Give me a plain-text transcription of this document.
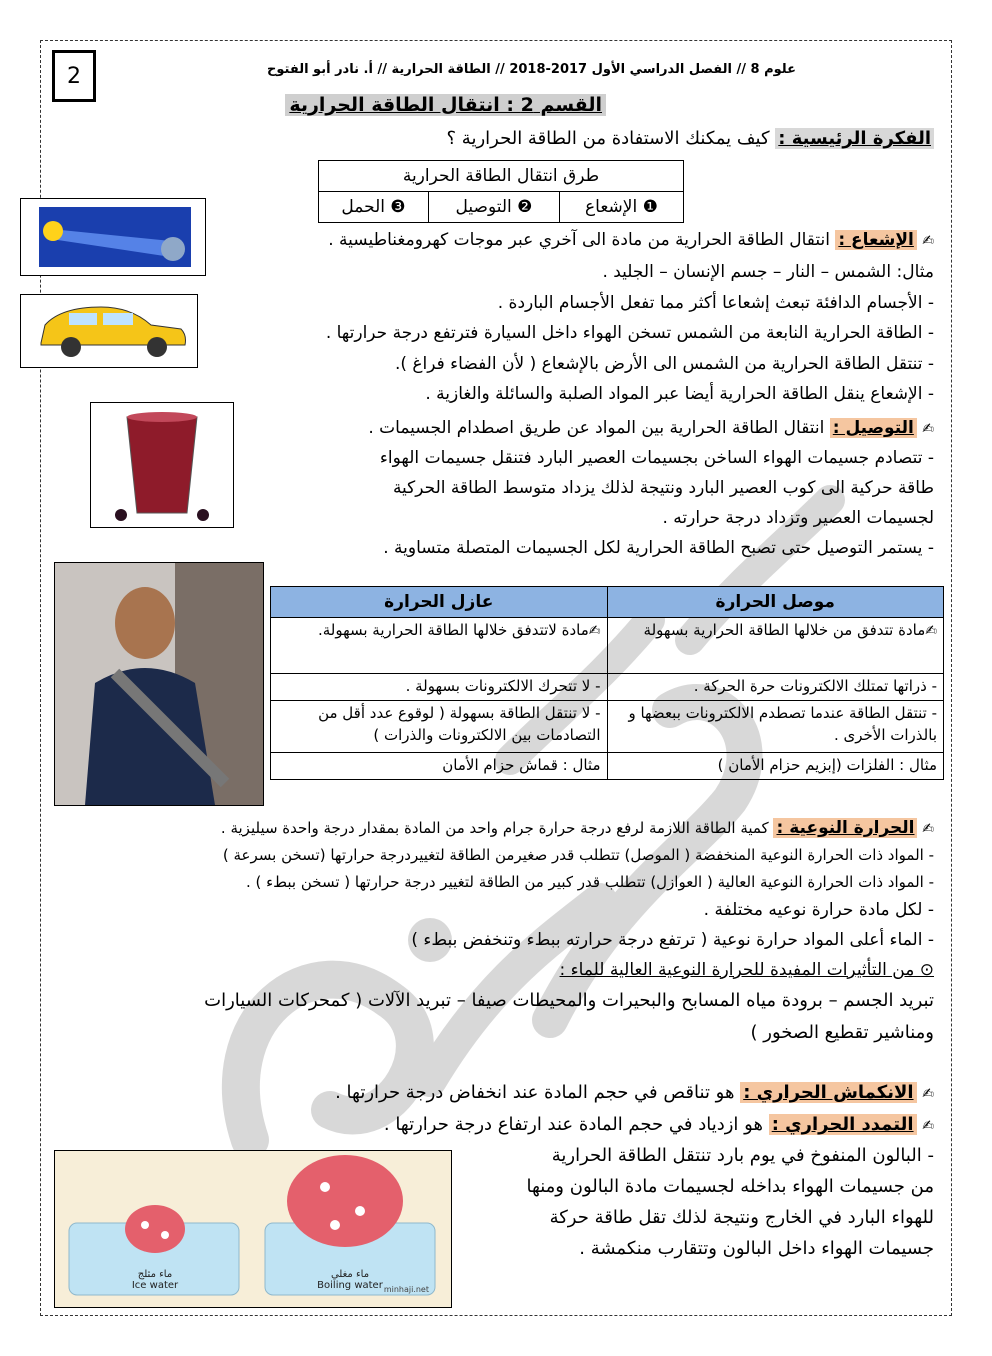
2	علوم 8 // الفصل الدراسي الأول 2017-2018 // الطاقة الحرارية // أ. نادر أبو الفتوح
القسم 2 : انتقال الطاقة الحرارية
الفكرة الرئيسية : كيف يمكنك الاستفادة من الطاقة الحرارية ؟
طرق انتقال الطاقة الحرارية
❶ الإشعاع	❷ التوصيل	❸ الحمل
✍ الإشعاع : انتقال الطاقة الحرارية من مادة الى آخري عبر موجات كهرومغناطيسية .
مثال: الشمس – النار – جسم الإنسان – الجليد .
- الأجسام الدافئة تبعث إشعاعا أكثر مما تفعل الأجسام الباردة .
- الطاقة الحرارية النابعة من الشمس تسخن الهواء داخل السيارة فترتفع درجة حرارتها .
- تنتقل الطاقة الحرارية من الشمس الى الأرض بالإشعاع ( لأن الفضاء فراغ ).
- الإشعاع ينقل الطاقة الحرارية أيضا عبر المواد الصلبة والسائلة والغازية .
✍ التوصيل : انتقال الطاقة الحرارية بين المواد عن طريق اصطدام الجسيمات .
- تتصادم جسيمات الهواء الساخن بجسيمات العصير البارد فتنقل جسيمات الهواء
طاقة حركية الى كوب العصير البارد ونتيجة لذلك يزداد متوسط الطاقة الحركية
لجسيمات العصير وتزداد درجة حرارته .
- يستمر التوصيل حتى تصبح الطاقة الحرارية لكل الجسيمات المتصلة متساوية .
موصل الحرارة	عازل الحرارة
✍مادة تتدفق من خلالها الطاقة الحرارية بسهولة	✍مادة لاتتدفق خلالها الطاقة الحرارية بسهولة.
- ذراتها تمتلك الالكترونات حرة الحركة .	- لا تتحرك الالكترونات بسهولة .
- تنتقل الطاقة عندما تصطدم الالكترونات ببعضها و بالذرات الأخرى .	- لا تنتقل الطاقة بسهولة ( لوقوع عدد أقل من التصادمات بين الالكترونات والذرات )
مثال : الفلزات (إبزيم حزام الأمان )	مثال : قماش حزام الأمان
✍ الحرارة النوعية : كمية الطاقة اللازمة لرفع درجة حرارة جرام واحد من المادة بمقدار درجة واحدة سيليزية .
- المواد ذات الحرارة النوعية المنخفضة ( الموصل) تتطلب قدر صغيرمن الطاقة لتغييردرجة حرارتها (تسخن بسرعة )
- المواد ذات الحرارة النوعية العالية ( العوازل) تتطلب قدر كبير من الطاقة لتغيير درجة حرارتها ( تسخن ببطء ) .
- لكل مادة حرارة نوعيه مختلفة .
- الماء أعلى المواد حرارة نوعية ( ترتفع درجة حرارته ببطء وتنخفض ببطء )
⊙ من التأثيرات المفيدة للحرارة النوعية العالية للماء :
تبريد الجسم – برودة مياه المسابح والبحيرات والمحيطات صيفا – تبريد الآلات ( كمحركات السيارات
ومناشير تقطيع الصخور )
✍ الانكماش الحراري : هو تناقص في حجم المادة عند انخفاض درجة حرارتها .
✍ التمدد الحراري : هو ازدياد في حجم المادة عند ارتفاع درجة حرارتها .
- البالون المنفوخ في يوم بارد تنتقل الطاقة الحرارية
من جسيمات الهواء بداخله لجسيمات مادة البالون ومنها
للهواء البارد في الخارج ونتيجة لذلك تقل طاقة حركة
جسيمات الهواء داخل البالون وتتقارب منكمشة .
ماء مثلج
Ice water
ماء مغلي
Boiling water minhaji.net
